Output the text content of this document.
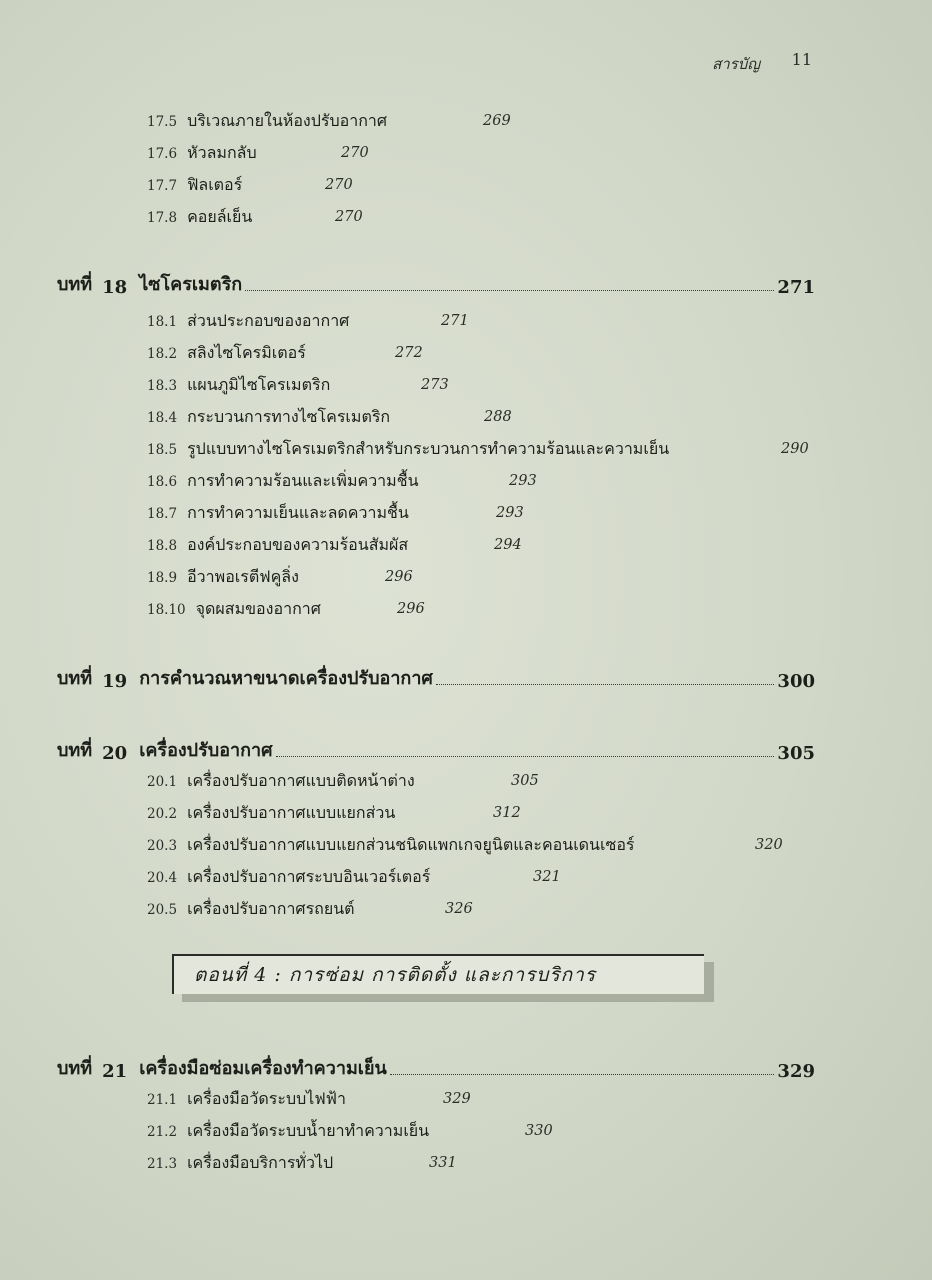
สารบัญ 11
17.5 บริเวณภายในห้องปรับอากาศ	269
17.6 หัวลมกลับ	270
17.7 ฟิลเตอร์	270
17.8 คอยล์เย็น	270
บทที่ 18 ไซโครเมตริก	271
18.1 ส่วนประกอบของอากาศ	271
18.2 สลิงไซโครมิเตอร์	272
18.3 แผนภูมิไซโครเมตริก	273
18.4 กระบวนการทางไซโครเมตริก	288
18.5 รูปแบบทางไซโครเมตริกสำหรับกระบวนการทำความร้อนและความเย็น	290
18.6 การทำความร้อนและเพิ่มความชื้น	293
18.7 การทำความเย็นและลดความชื้น	293
18.8 องค์ประกอบของความร้อนสัมผัส	294
18.9 อีวาพอเรตีฟคูลิ่ง	296
18.10 จุดผสมของอากาศ	296
บทที่ 19 การคำนวณหาขนาดเครื่องปรับอากาศ	300
บทที่ 20 เครื่องปรับอากาศ	305
20.1 เครื่องปรับอากาศแบบติดหน้าต่าง	305
20.2 เครื่องปรับอากาศแบบแยกส่วน	312
20.3 เครื่องปรับอากาศแบบแยกส่วนชนิดแพกเกจยูนิตและคอนเดนเซอร์	320
20.4 เครื่องปรับอากาศระบบอินเวอร์เตอร์	321
20.5 เครื่องปรับอากาศรถยนต์	326
ตอนที่ 4 : การซ่อม การติดตั้ง และการบริการ
บทที่ 21 เครื่องมือซ่อมเครื่องทำความเย็น	329
21.1 เครื่องมือวัดระบบไฟฟ้า	329
21.2 เครื่องมือวัดระบบน้ำยาทำความเย็น	330
21.3 เครื่องมือบริการทั่วไป	331
